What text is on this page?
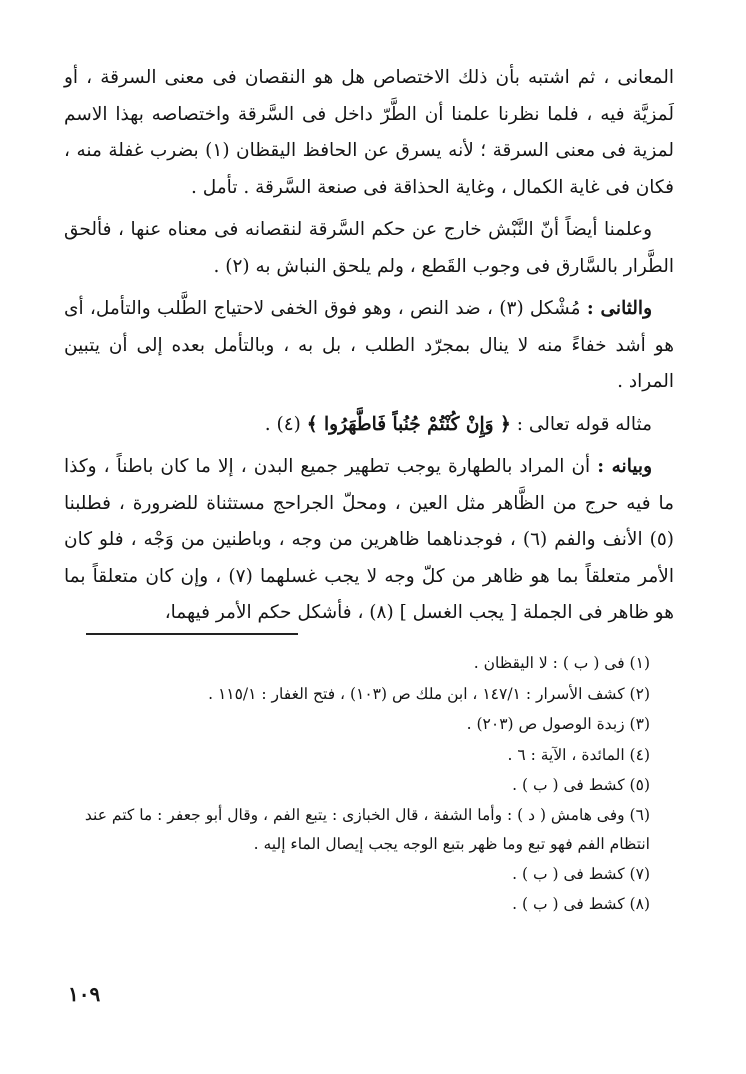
المعانى ، ثم اشتبه بأن ذلك الاختصاص هل هو النقصان فى معنى السرقة ، أو لَمزيَّة فيه ، فلما نظرنا علمنا أن الطَّرّ داخل فى السَّرقة واختصاصه بهذا الاسم لمزية فى معنى السرقة ؛ لأنه يسرق عن الحافظ اليقظان (١) بضرب غفلة منه ، فكان فى غاية الكمال ، وغاية الحذاقة فى صنعة السَّرقة . تأمل .

وعلمنا أيضاً أنّ النَّبْش خارج عن حكم السَّرقة لنقصانه فى معناه عنها ، فألحق الطَّرار بالسَّارق فى وجوب القَطع ، ولم يلحق النباش به (٢) .

والثانى : مُشْكل (٣) ، ضد النص ، وهو فوق الخفى لاحتياج الطَّلب والتأمل، أى هو أشد خفاءً منه لا ينال بمجرّد الطلب ، بل به ، وبالتأمل بعده إلى أن يتبين المراد .

مثاله قوله تعالى : ﴿ وَإِنْ كُنْتُمْ جُنُباً فَاطَّهَرُوا ﴾ (٤) .

وبيانه : أن المراد بالطهارة يوجب تطهير جميع البدن ، إلا ما كان باطناً ، وكذا ما فيه حرج من الظَّاهر مثل العين ، ومحلّ الجراحج مستثناة للضرورة ، فطلبنا (٥) الأنف والفم (٦) ، فوجدناهما ظاهرين من وجه ، وباطنين من وَجْه ، فلو كان الأمر متعلقاً بما هو ظاهر من كلّ وجه لا يجب غسلهما (٧) ، وإن كان متعلقاً بما هو ظاهر فى الجملة [ يجب الغسل ] (٨) ، فأشكل حكم الأمر فيهما،

(١) فى ( ب ) : لا اليقظان .

(٢) كشف الأسرار : ١٤٧/١ ، ابن ملك ص (١٠٣) ، فتح الغفار : ١١٥/١ .

(٣) زبدة الوصول ص (٢٠٣) .

(٤) المائدة ، الآية : ٦ .

(٥) كشط فى ( ب ) .

(٦) وفى هامش ( د ) : وأما الشفة ، قال الخبازى : يتبع الفم ، وقال أبو جعفر : ما كتم عند انتظام الفم فهو تبع وما ظهر بتبع الوجه يجب إيصال الماء إليه .

(٧) كشط فى ( ب ) .

(٨) كشط فى ( ب ) .

١٠٩
